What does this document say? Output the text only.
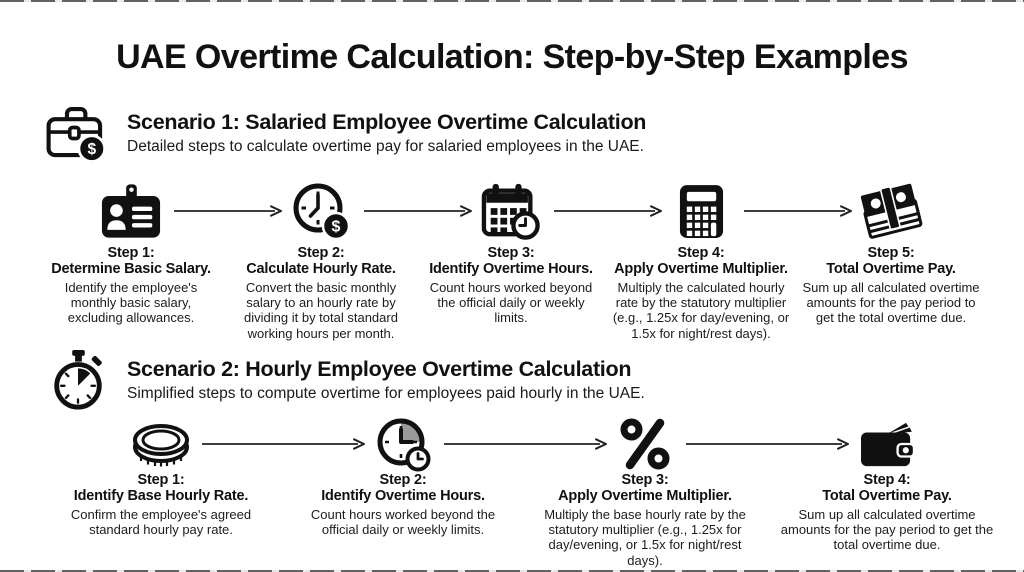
UAE Overtime Calculation: Step-by-Step Examples
$
Scenario 1: Salaried Employee Overtime Calculation

Detailed steps to calculate overtime pay for salaried employees in the UAE.

Step 1:
Determine Basic Salary.
Identify the employee's monthly basic salary, excluding allowances.
$
Step 2:
Calculate Hourly Rate.
Convert the basic monthly salary to an hourly rate by dividing it by total standard working hours per month.
Step 3:
Identify Overtime Hours.
Count hours worked beyond the official daily or weekly limits.
Step 4:
Apply Overtime Multiplier.
Multiply the calculated hourly rate by the statutory multiplier (e.g., 1.25x for day/evening, or 1.5x for night/rest days).
Step 5:
Total Overtime Pay.
Sum up all calculated overtime amounts for the pay period to get the total overtime due.
Scenario 2: Hourly Employee Overtime Calculation

Simplified steps to compute overtime for employees paid hourly in the UAE.

Step 1:
Identify Base Hourly Rate.
Confirm the employee's agreed standard hourly pay rate.
Step 2:
Identify Overtime Hours.
Count hours worked beyond the official daily or weekly limits.
Step 3:
Apply Overtime Multiplier.
Multiply the base hourly rate by the statutory multiplier (e.g., 1.25x for day/evening, or 1.5x for night/rest days).
Step 4:
Total Overtime Pay.
Sum up all calculated overtime amounts for the pay period to get the total overtime due.
